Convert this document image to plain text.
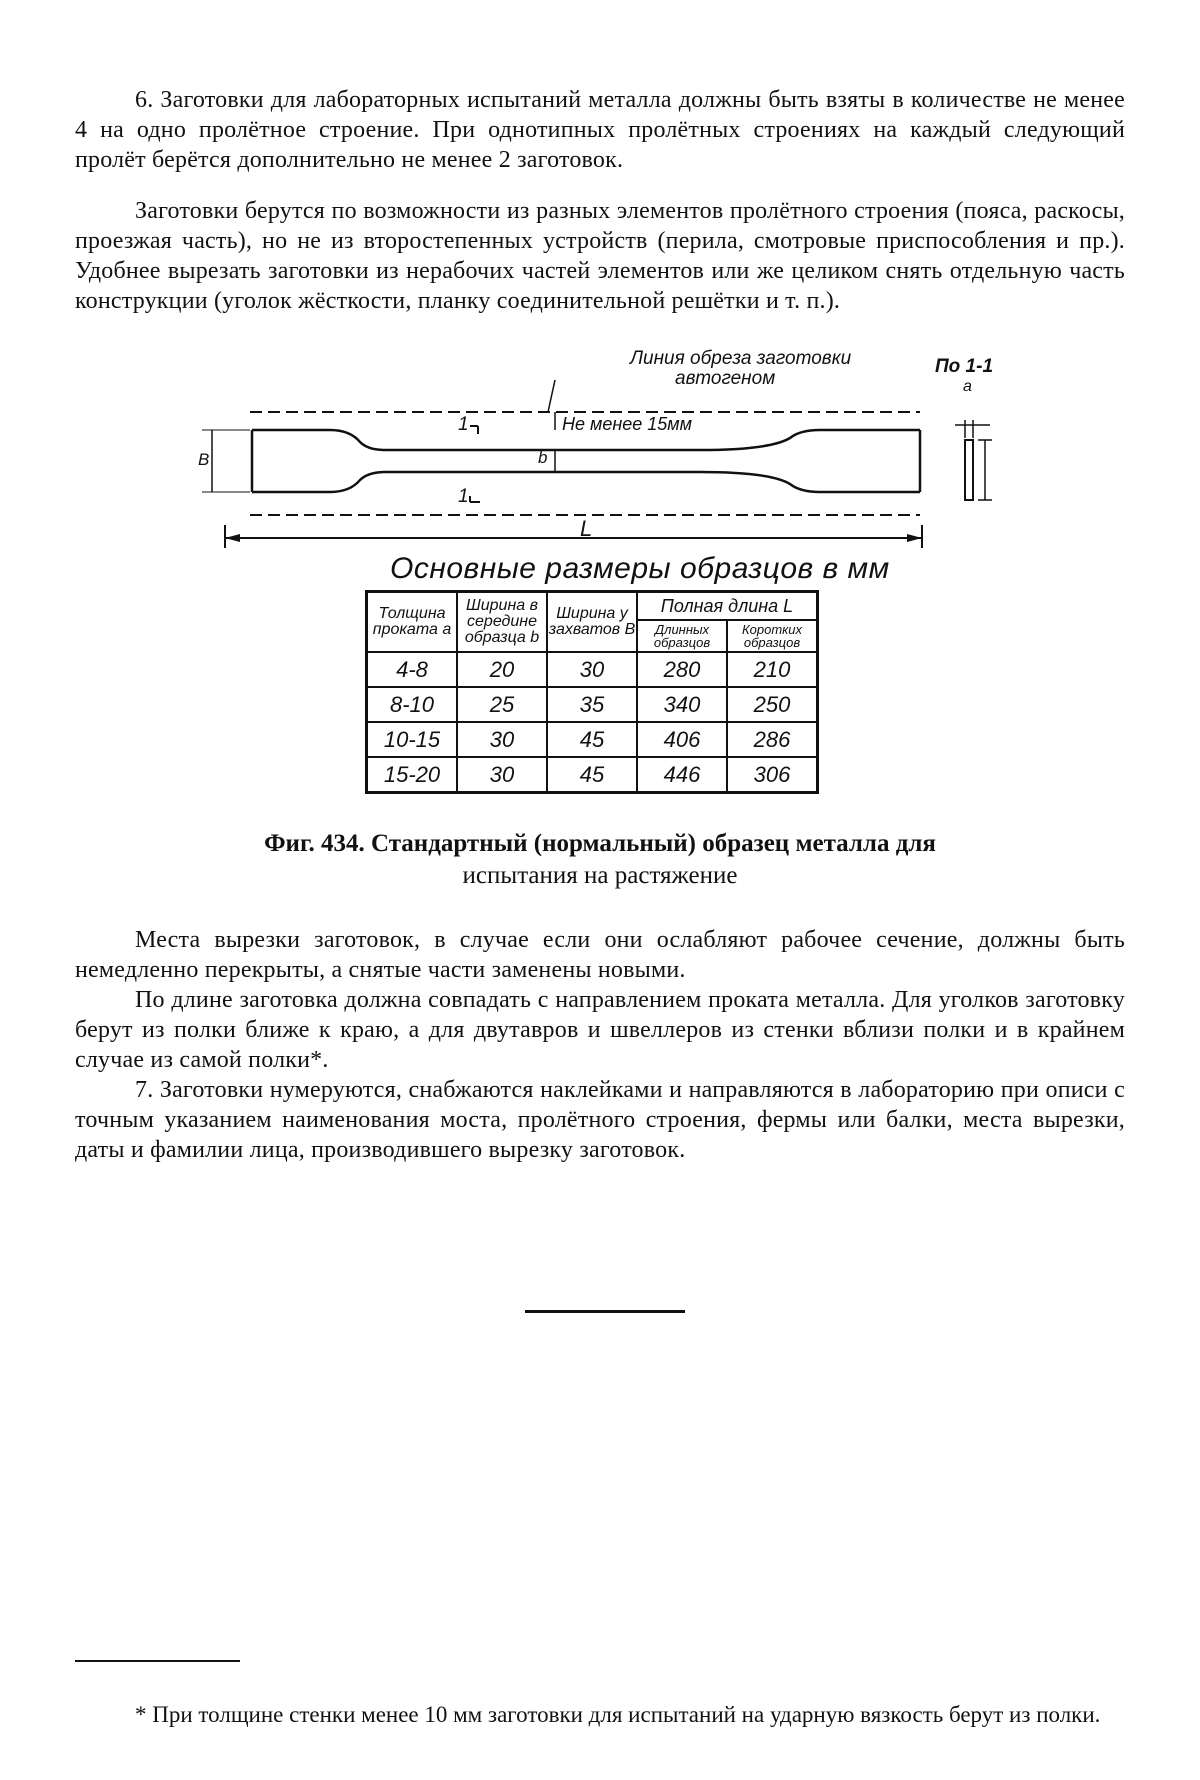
6. Заготовки для лабораторных испытаний металла должны быть взяты в количестве не менее 4 на одно пролётное строение. При однотипных пролётных строениях на каждый следующий пролёт берётся дополнительно не менее 2 заготовок.

Заготовки берутся по возможности из разных элементов пролётного строения (пояса, раскосы, проезжая часть), но не из второстепенных устройств (перила, смотровые приспособления и пр.). Удобнее вырезать заготовки из нерабочих частей элементов или же целиком снять отдельную часть конструкции (уголок жёсткости, планку соединительной решётки и т. п.).

Линия обреза заготовки
автогеном
По 1-1
a
Не менее 15мм
b
B
L
1
1
Основные размеры образцов в мм
Толщина проката a	Ширина в середине образца b	Ширина у захватов B	Полная длина L	
			Длинных образцов	Коротких образцов
4-8	20	30	280	210
8-10	25	35	340	250
10-15	30	45	406	286
15-20	30	45	446	306

Фиг. 434. Стандартный (нормальный) образец металла для
испытания на растяжение

Места вырезки заготовок, в случае если они ослабляют рабочее сечение, должны быть немедленно перекрыты, а снятые части заменены новыми.

По длине заготовка должна совпадать с направлением проката металла. Для уголков заготовку берут из полки ближе к краю, а для двутавров и швеллеров из стенки вблизи полки и в крайнем случае из самой полки*.

7. Заготовки нумеруются, снабжаются наклейками и направляются в лабораторию при описи с точным указанием наименования моста, пролётного строения, фермы или балки, места вырезки, даты и фамилии лица, производившего вырезку заготовок.

* При толщине стенки менее 10 мм заготовки для испытаний на ударную вязкость берут из полки.
